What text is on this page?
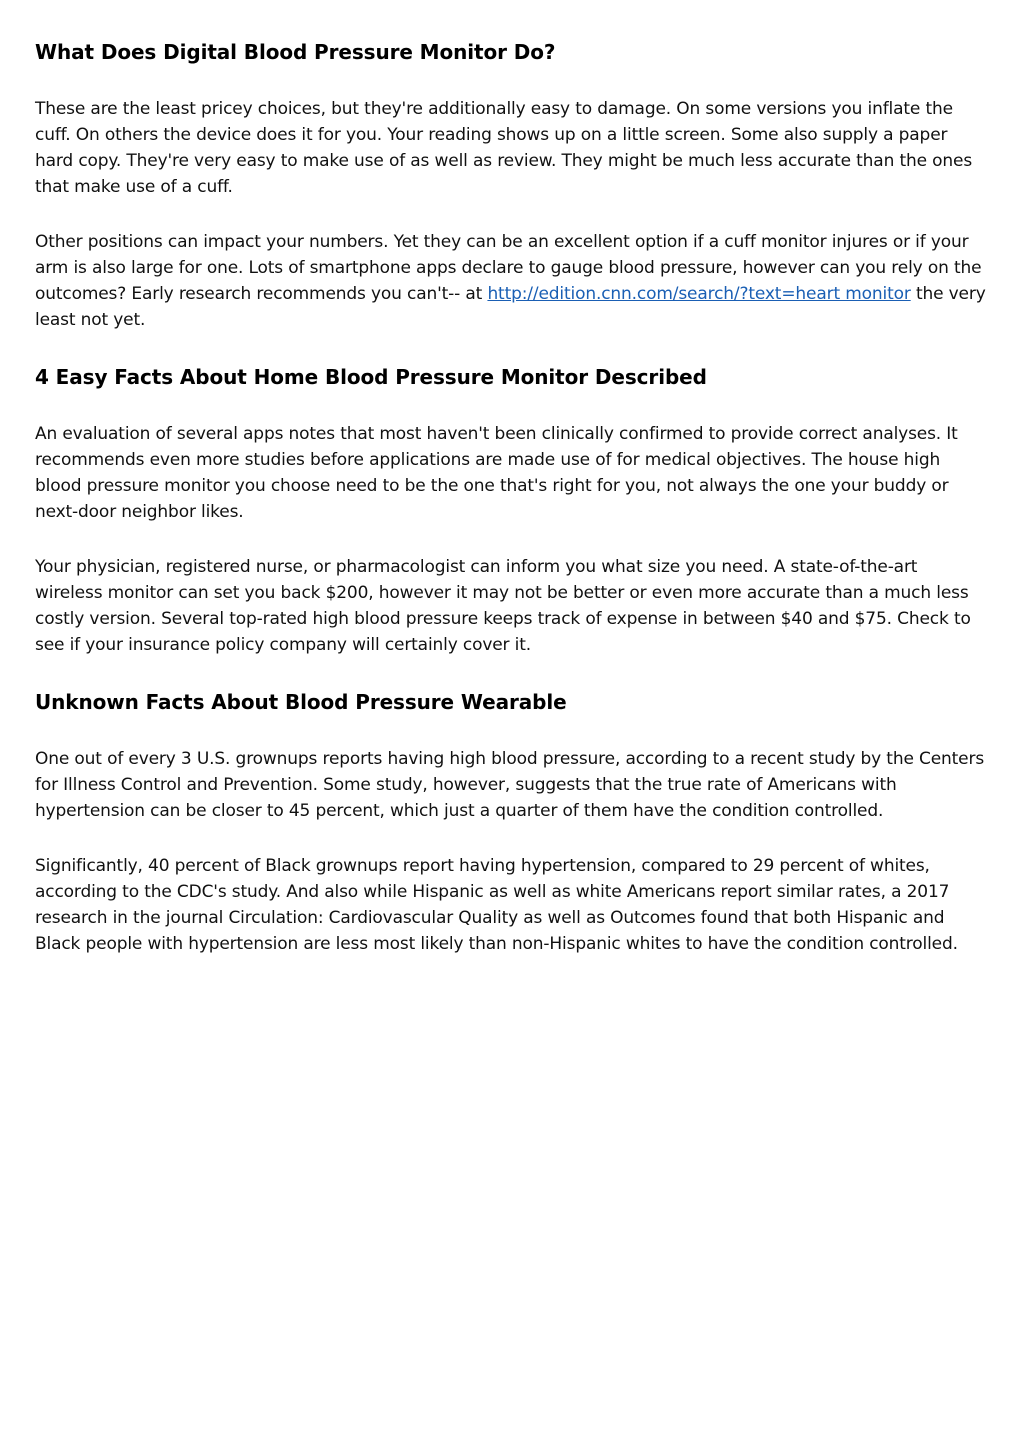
What Does Digital Blood Pressure Monitor Do?

These are the least pricey choices, but they're additionally easy to damage. On some versions you inflate the cuff. On others the device does it for you. Your reading shows up on a little screen. Some also supply a paper hard copy. They're very easy to make use of as well as review. They might be much less accurate than the ones that make use of a cuff.

Other positions can impact your numbers. Yet they can be an excellent option if a cuff monitor injures or if your arm is also large for one. Lots of smartphone apps declare to gauge blood pressure, however can you rely on the outcomes? Early research recommends you can't-- at http://edition.cnn.com/search/?text=heart monitor the very least not yet.

4 Easy Facts About Home Blood Pressure Monitor Described

An evaluation of several apps notes that most haven't been clinically confirmed to provide correct analyses. It recommends even more studies before applications are made use of for medical objectives. The house high blood pressure monitor you choose need to be the one that's right for you, not always the one your buddy or next-door neighbor likes.

Your physician, registered nurse, or pharmacologist can inform you what size you need. A state-of-the-art wireless monitor can set you back $200, however it may not be better or even more accurate than a much less costly version. Several top-rated high blood pressure keeps track of expense in between $40 and $75. Check to see if your insurance policy company will certainly cover it.

Unknown Facts About Blood Pressure Wearable

One out of every 3 U.S. grownups reports having high blood pressure, according to a recent study by the Centers for Illness Control and Prevention. Some study, however, suggests that the true rate of Americans with hypertension can be closer to 45 percent, which just a quarter of them have the condition controlled.

Significantly, 40 percent of Black grownups report having hypertension, compared to 29 percent of whites, according to the CDC's study. And also while Hispanic as well as white Americans report similar rates, a 2017 research in the journal Circulation: Cardiovascular Quality as well as Outcomes found that both Hispanic and Black people with hypertension are less most likely than non-Hispanic whites to have the condition controlled.
